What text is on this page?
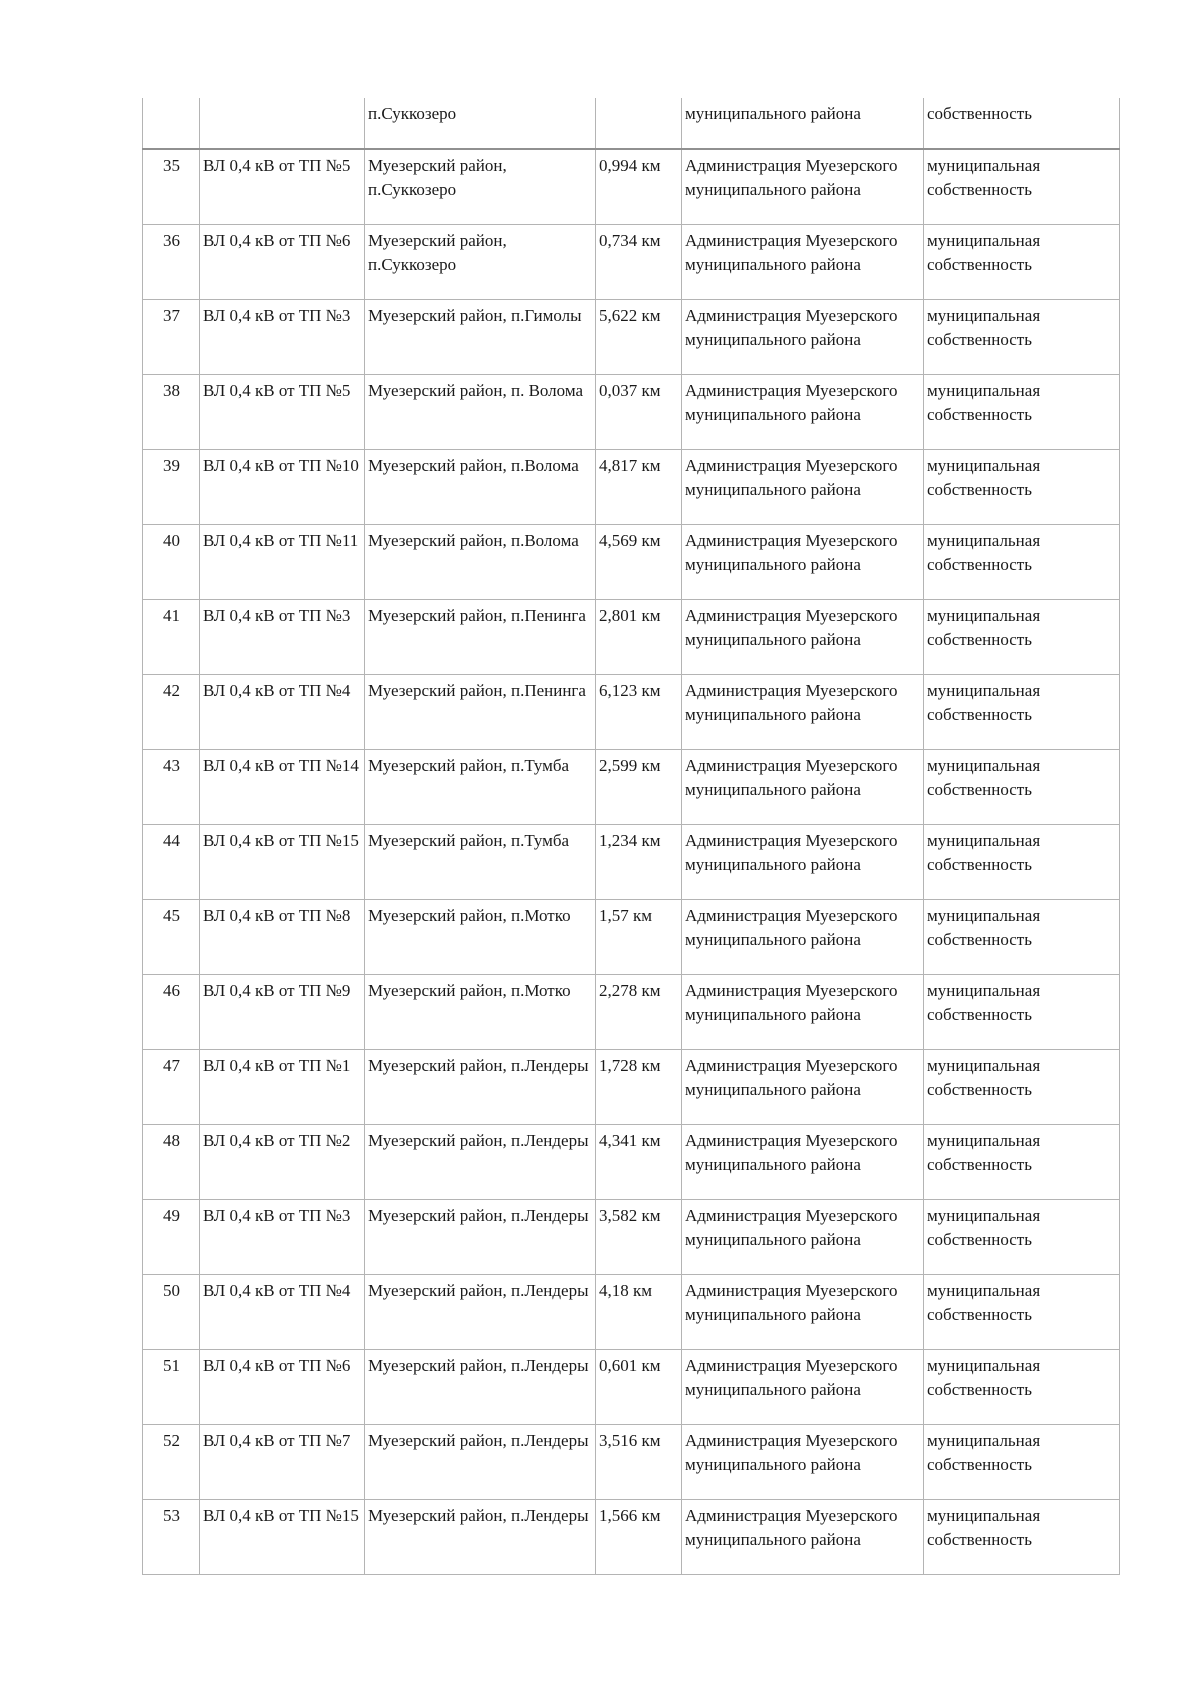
		п.Суккозеро		муниципального района	собственность
35	ВЛ 0,4 кВ от ТП №5	Муезерский район, п.Суккозеро	0,994 км	Администрация Муезерского муниципального района	муниципальная собственность
36	ВЛ 0,4 кВ от ТП №6	Муезерский район, п.Суккозеро	0,734 км	Администрация Муезерского муниципального района	муниципальная собственность
37	ВЛ 0,4 кВ от ТП №3	Муезерский район, п.Гимолы	5,622 км	Администрация Муезерского муниципального района	муниципальная собственность
38	ВЛ 0,4 кВ от ТП №5	Муезерский район, п. Волома	0,037 км	Администрация Муезерского муниципального района	муниципальная собственность
39	ВЛ 0,4 кВ от ТП №10	Муезерский район, п.Волома	4,817 км	Администрация Муезерского муниципального района	муниципальная собственность
40	ВЛ 0,4 кВ от ТП №11	Муезерский район, п.Волома	4,569 км	Администрация Муезерского муниципального района	муниципальная собственность
41	ВЛ 0,4 кВ от ТП №3	Муезерский район, п.Пенинга	2,801 км	Администрация Муезерского муниципального района	муниципальная собственность
42	ВЛ 0,4 кВ от ТП №4	Муезерский район, п.Пенинга	6,123 км	Администрация Муезерского муниципального района	муниципальная собственность
43	ВЛ 0,4 кВ от ТП №14	Муезерский район, п.Тумба	2,599 км	Администрация Муезерского муниципального района	муниципальная собственность
44	ВЛ 0,4 кВ от ТП №15	Муезерский район, п.Тумба	1,234 км	Администрация Муезерского муниципального района	муниципальная собственность
45	ВЛ 0,4 кВ от ТП №8	Муезерский район, п.Мотко	1,57 км	Администрация Муезерского муниципального района	муниципальная собственность
46	ВЛ 0,4 кВ от ТП №9	Муезерский район, п.Мотко	2,278 км	Администрация Муезерского муниципального района	муниципальная собственность
47	ВЛ 0,4 кВ от ТП №1	Муезерский район, п.Лендеры	1,728 км	Администрация Муезерского муниципального района	муниципальная собственность
48	ВЛ 0,4 кВ от ТП №2	Муезерский район, п.Лендеры	4,341 км	Администрация Муезерского муниципального района	муниципальная собственность
49	ВЛ 0,4 кВ от ТП №3	Муезерский район, п.Лендеры	3,582 км	Администрация Муезерского муниципального района	муниципальная собственность
50	ВЛ 0,4 кВ от ТП №4	Муезерский район, п.Лендеры	4,18 км	Администрация Муезерского муниципального района	муниципальная собственность
51	ВЛ 0,4 кВ от ТП №6	Муезерский район, п.Лендеры	0,601 км	Администрация Муезерского муниципального района	муниципальная собственность
52	ВЛ 0,4 кВ от ТП №7	Муезерский район, п.Лендеры	3,516 км	Администрация Муезерского муниципального района	муниципальная собственность
53	ВЛ 0,4 кВ от ТП №15	Муезерский район, п.Лендеры	1,566 км	Администрация Муезерского муниципального района	муниципальная собственность
